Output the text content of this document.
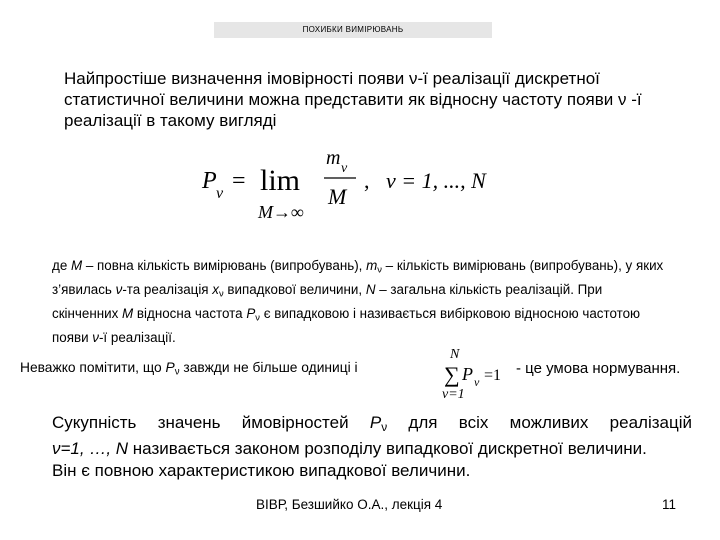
ПОХИБКИ ВИМІРЮВАНЬ
Найпростіше визначення імовірності появи ν-ї реалізації дискретної статистичної величини можна представити як відносну частоту появи ν -ї реалізації в такому вигляді
P ν = lim
M→∞
m ν
M
, ν = 1, ..., N
де M – повна кількість вимірювань (випробувань), $m_\nu$ – кількість вимірювань (випробувань), у яких з’явилась ν-та реалізація $x_\nu$ випадкової величини, N – загальна кількість реалізацій. При скінченних M відносна частота $P_\nu$ є випадковою і називається вибірковою відносною частотою появи ν-ї реалізації.
Неважко помітити, що $P_\nu$ завжди не більше одиниці і
N
∑ P ν =1
ν=1
- це умова нормування.
Сукупність значень ймовірностей $P_\nu$ для всіх можливих реалізацій
ν=1, …, N називається законом розподілу випадкової дискретної величини.
Він є повною характеристикою випадкової величини.
ВІВР, Безшийко О.А., лекція 4	11
